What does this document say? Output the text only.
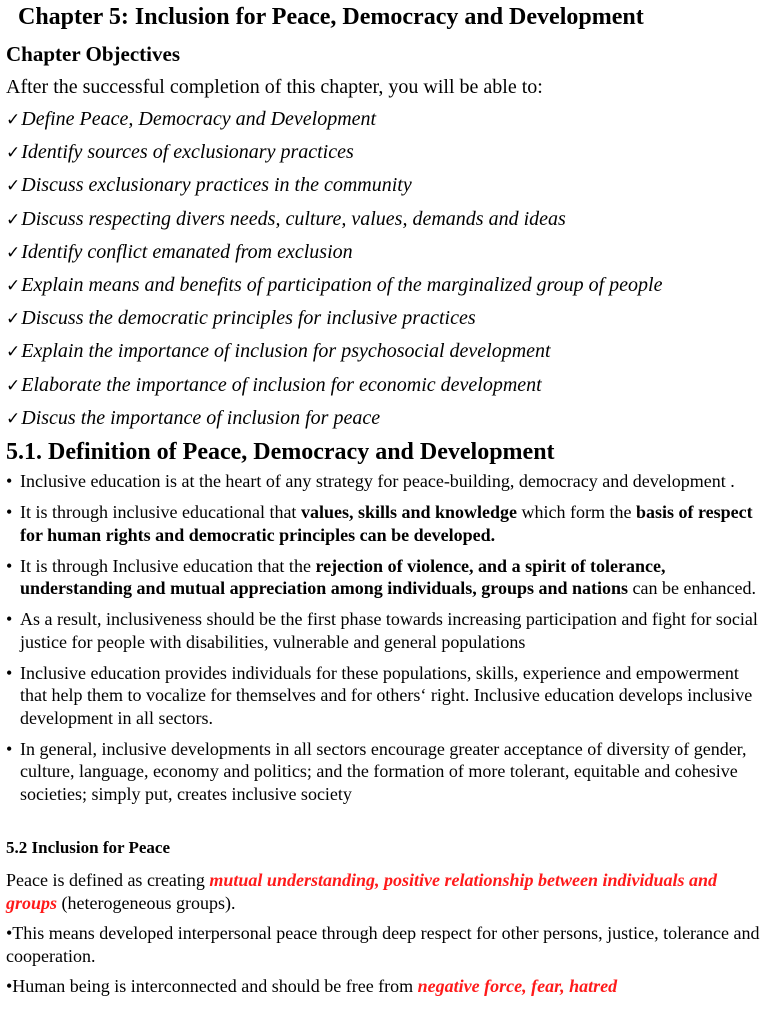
Chapter 5: Inclusion for Peace, Democracy and Development
Chapter Objectives

After the successful completion of this chapter, you will be able to:

✓Define Peace, Democracy and Development
✓Identify sources of exclusionary practices
✓Discuss exclusionary practices in the community
✓Discuss respecting divers needs, culture, values, demands and ideas
✓Identify conflict emanated from exclusion
✓Explain means and benefits of participation of the marginalized group of people
✓Discuss the democratic principles for inclusive practices
✓Explain the importance of inclusion for psychosocial development
✓Elaborate the importance of inclusion for economic development
✓Discus the importance of inclusion for peace
5.1. Definition of Peace, Democracy and Development
• Inclusive education is at the heart of any strategy for peace-building, democracy and development .
• It is through inclusive educational that values, skills and knowledge which form the basis of respect for human rights and democratic principles can be developed.
• It is through Inclusive education that the rejection of violence, and a spirit of tolerance, understanding and mutual appreciation among individuals, groups and nations can be enhanced.
• As a result, inclusiveness should be the first phase towards increasing participation and fight for social justice for people with disabilities, vulnerable and general populations
• Inclusive education provides individuals for these populations, skills, experience and empowerment that help them to vocalize for themselves and for others‘ right. Inclusive education develops inclusive development in all sectors.
• In general, inclusive developments in all sectors encourage greater acceptance of diversity of gender, culture, language, economy and politics; and the formation of more tolerant, equitable and cohesive societies; simply put, creates inclusive society
5.2 Inclusion for Peace

Peace is defined as creating mutual understanding, positive relationship between individuals and groups (heterogeneous groups).

•This means developed interpersonal peace through deep respect for other persons, justice, tolerance and cooperation.

•Human being is interconnected and should be free from negative force, fear, hatred
